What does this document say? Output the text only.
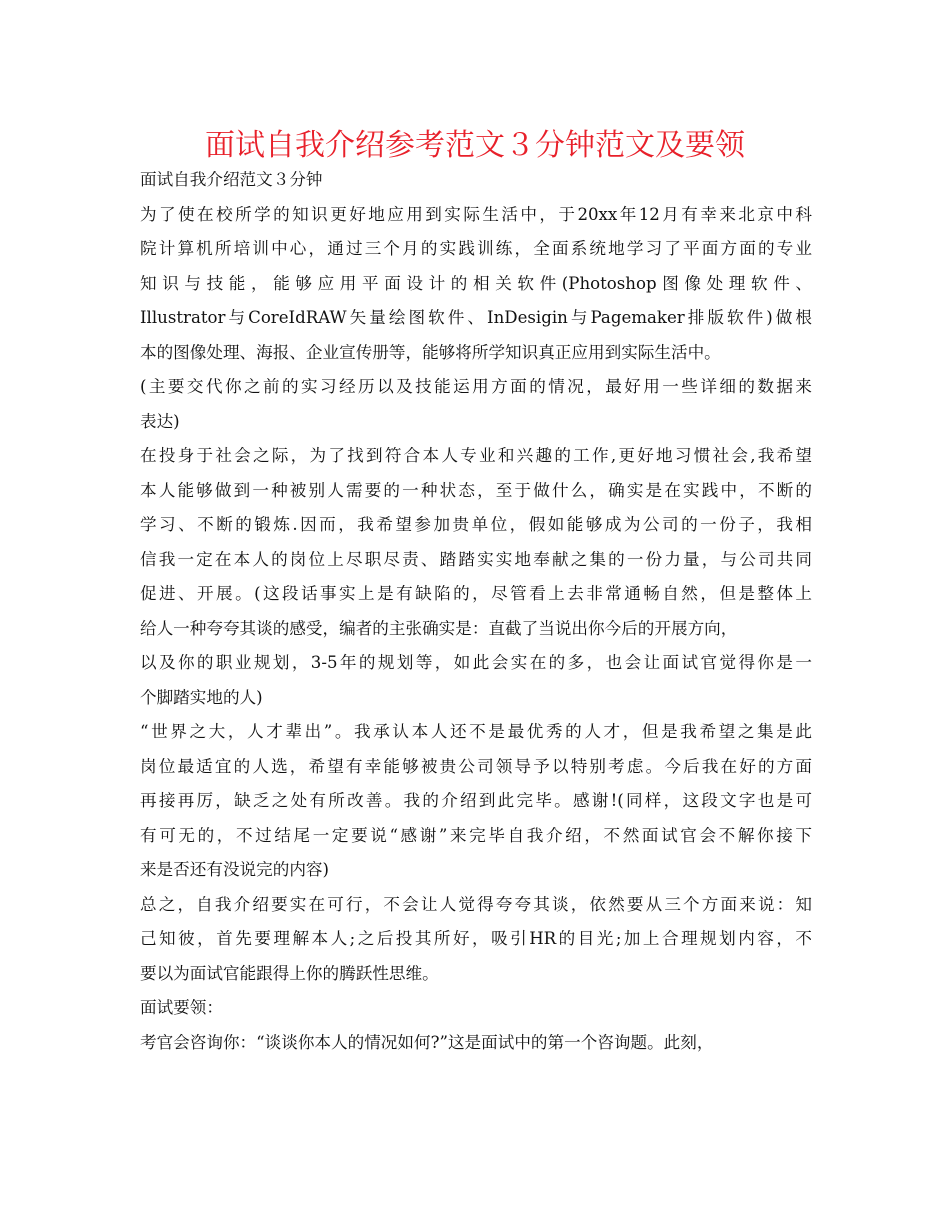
面试自我介绍参考范文３分钟范文及要领
面试自我介绍范文３分钟
为了使在校所学的知识更好地应用到实际生活中，于20xx年12月有幸来北京中科
院计算机所培训中心，通过三个月的实践训练，全面系统地学习了平面方面的专业
知识与技能，能够应用平面设计的相关软件(Photoshop图像处理软件、
Illustrator与CoreIdRAW矢量绘图软件、InDesigin与Pagemaker排版软件)做根
本的图像处理、海报、企业宣传册等，能够将所学知识真正应用到实际生活中。
(主要交代你之前的实习经历以及技能运用方面的情况，最好用一些详细的数据来
表达)
在投身于社会之际，为了找到符合本人专业和兴趣的工作,更好地习惯社会,我希望
本人能够做到一种被别人需要的一种状态，至于做什么，确实是在实践中，不断的
学习、不断的锻炼.因而，我希望参加贵单位，假如能够成为公司的一份子，我相
信我一定在本人的岗位上尽职尽责、踏踏实实地奉献之集的一份力量，与公司共同
促进、开展。(这段话事实上是有缺陷的，尽管看上去非常通畅自然，但是整体上
给人一种夸夸其谈的感受，编者的主张确实是：直截了当说出你今后的开展方向，
以及你的职业规划，3-5年的规划等，如此会实在的多，也会让面试官觉得你是一
个脚踏实地的人)
“世界之大，人才辈出”。我承认本人还不是最优秀的人才，但是我希望之集是此
岗位最适宜的人选，希望有幸能够被贵公司领导予以特别考虑。今后我在好的方面
再接再厉，缺乏之处有所改善。我的介绍到此完毕。感谢!(同样，这段文字也是可
有可无的，不过结尾一定要说“感谢”来完毕自我介绍，不然面试官会不解你接下
来是否还有没说完的内容)
总之，自我介绍要实在可行，不会让人觉得夸夸其谈，依然要从三个方面来说：知
己知彼，首先要理解本人;之后投其所好，吸引HR的目光;加上合理规划内容，不
要以为面试官能跟得上你的腾跃性思维。
面试要领：
考官会咨询你：“谈谈你本人的情况如何?”这是面试中的第一个咨询题。此刻，
